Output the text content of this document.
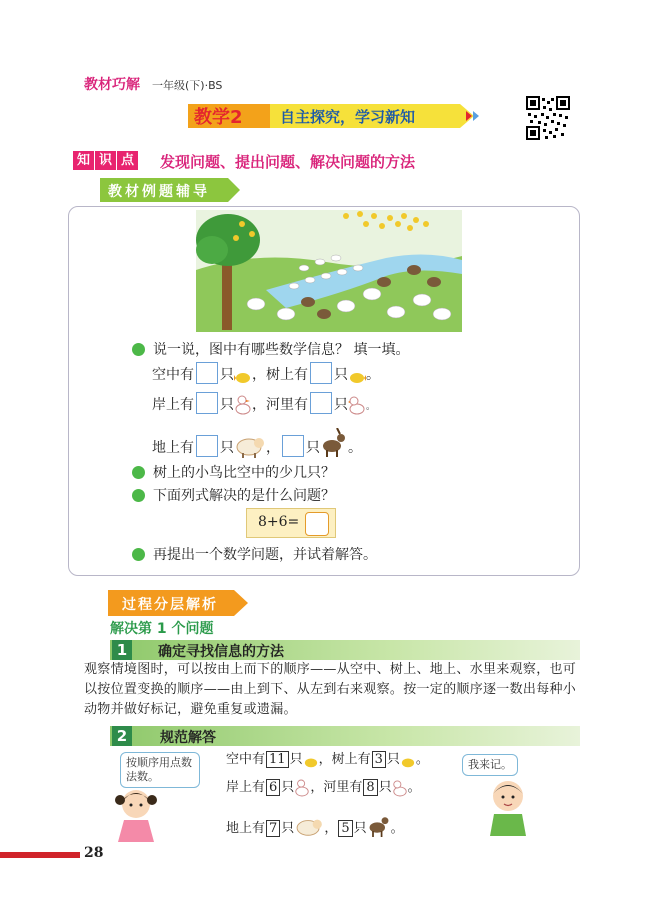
教材巧解 一年级(下)·BS
教学2 自主探究，学习新知
知 识 点 发现问题、提出问题、解决问题的方法
教材例题辅导
说一说，图中有哪些数学信息？ 填一填。
空中有 只 ，树上有 只 。
岸上有 只 ，河里有 只 。
地上有 只 ， 只 。
树上的小鸟比空中的少几只？
下面列式解决的是什么问题？
8+6=
再提出一个数学问题，并试着解答。
过程分层解析
解决第 1 个问题
1	确定寻找信息的方法
观察情境图时，可以按由上而下的顺序——从空中、树上、地上、水里来观察，也可以按位置变换的顺序——由上到下、从左到右来观察。按一定的顺序逐一数出每种小动物并做好标记，避免重复或遗漏。
2	规范解答
空中有 11 只 ，树上有 3 只 。
岸上有 6 只 ，河里有 8 只 。
地上有 7 只 ， 5 只 。
按顺序用点数法数。
我来记。
28
